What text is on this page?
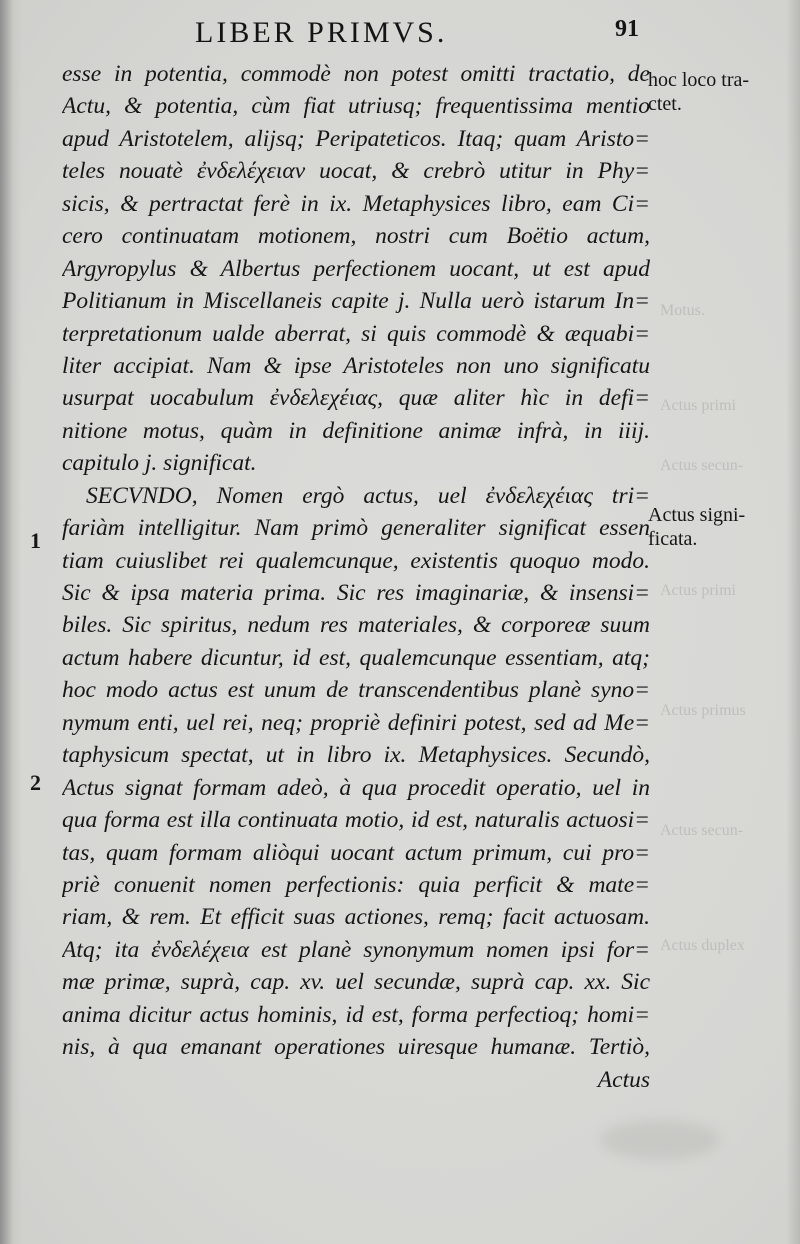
Motus.
Actus primi
Actus secun-
Actus primi
Actus primus
Actus secun-
Actus duplex
LIBER PRIMVS.	91
1
2
hoc loco tra-
ctet.
Actus signi-
ficata.
esse in potentia, commodè non potest omitti tractatio, de
Actu, & potentia, cùm fiat utriusq; frequentissima mentio
apud Aristotelem, alijsq; Peripateticos. Itaq; quam Aristo=
teles nouatè ἐνδελέχειαν uocat, & crebrò utitur in Phy=
sicis, & pertractat ferè in ix. Metaphysices libro, eam Ci=
cero continuatam motionem, nostri cum Boëtio actum,
Argyropylus & Albertus perfectionem uocant, ut est apud
Politianum in Miscellaneis capite j. Nulla uerò istarum In=
terpretationum ualde aberrat, si quis commodè & æquabi=
liter accipiat. Nam & ipse Aristoteles non uno significatu
usurpat uocabulum ἐνδελεχέιας, quæ aliter hìc in defi=
nitione motus, quàm in definitione animæ infrà, in iiij.
capitulo j. significat.
SECVNDO, Nomen ergò actus, uel ἐνδελεχέιας tri=
fariàm intelligitur. Nam primò generaliter significat essen
tiam cuiuslibet rei qualemcunque, existentis quoquo modo.
Sic & ipsa materia prima. Sic res imaginariæ, & insensi=
biles. Sic spiritus, nedum res materiales, & corporeæ suum
actum habere dicuntur, id est, qualemcunque essentiam, atq;
hoc modo actus est unum de transcendentibus planè syno=
nymum enti, uel rei, neq; propriè definiri potest, sed ad Me=
taphysicum spectat, ut in libro ix. Metaphysices. Secundò,
Actus signat formam adeò, à qua procedit operatio, uel in
qua forma est illa continuata motio, id est, naturalis actuosi=
tas, quam formam aliòqui uocant actum primum, cui pro=
priè conuenit nomen perfectionis: quia perficit & mate=
riam, & rem. Et efficit suas actiones, remq; facit actuosam.
Atq; ita ἐνδελέχεια est planè synonymum nomen ipsi for=
mæ primæ, suprà, cap. xv. uel secundæ, suprà cap. xx. Sic
anima dicitur actus hominis, id est, forma perfectioq; homi=
nis, à qua emanant operationes uiresque humanæ. Tertiò,
Actus
